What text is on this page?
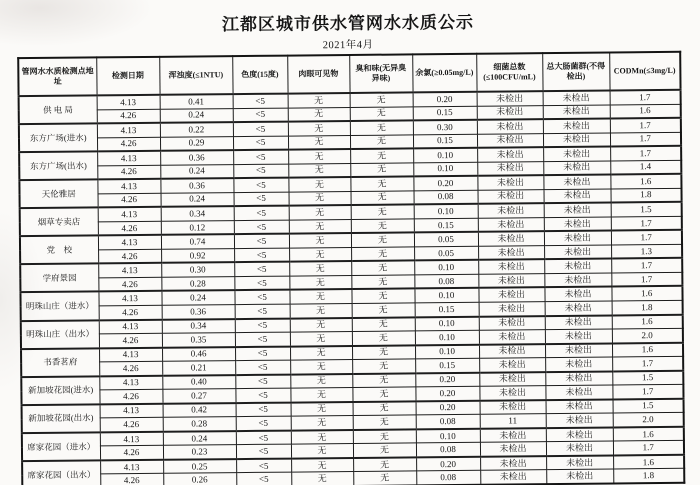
江都区城市供水管网水水质公示
2021年4月
管网水水质检测点地址	检测日期	浑浊度(≤1NTU)	色度(15度)	肉眼可见物	臭和味(无异臭异味)	余氯(≥0.05mg/L)	细菌总数(≤100CFU/mL)	总大肠菌群(不得检出)	CODMn(≤3mg/L)
供 电 局	4.13	0.41	<5	无	无	0.20	未检出	未检出	1.7
	4.26	0.24	<5	无	无	0.15	未检出	未检出	1.6
东方广场(进水)	4.13	0.22	<5	无	无	0.30	未检出	未检出	1.7
	4.26	0.29	<5	无	无	0.15	未检出	未检出	1.7
东方广场(出水)	4.13	0.36	<5	无	无	0.10	未检出	未检出	1.7
	4.26	0.24	<5	无	无	0.10	未检出	未检出	1.4
天伦雅居	4.13	0.36	<5	无	无	0.20	未检出	未检出	1.6
	4.26	0.24	<5	无	无	0.08	未检出	未检出	1.8
烟草专卖店	4.13	0.34	<5	无	无	0.10	未检出	未检出	1.5
	4.26	0.12	<5	无	无	0.15	未检出	未检出	1.7
党　校	4.13	0.74	<5	无	无	0.05	未检出	未检出	1.7
	4.26	0.92	<5	无	无	0.05	未检出	未检出	1.3
学府景园	4.13	0.30	<5	无	无	0.10	未检出	未检出	1.7
	4.26	0.28	<5	无	无	0.08	未检出	未检出	1.7
明珠山庄（进水）	4.13	0.24	<5	无	无	0.10	未检出	未检出	1.6
	4.26	0.36	<5	无	无	0.15	未检出	未检出	1.8
明珠山庄（出水）	4.13	0.34	<5	无	无	0.10	未检出	未检出	1.6
	4.26	0.35	<5	无	无	0.10	未检出	未检出	2.0
书香茗府	4.13	0.46	<5	无	无	0.10	未检出	未检出	1.6
	4.26	0.21	<5	无	无	0.15	未检出	未检出	1.7
新加坡花园(进水)	4.13	0.40	<5	无	无	0.20	未检出	未检出	1.5
	4.26	0.27	<5	无	无	0.20	未检出	未检出	1.7
新加坡花园(出水)	4.13	0.42	<5	无	无	0.20	未检出	未检出	1.5
	4.26	0.28	<5	无	无	0.08	11	未检出	2.0
席家花园（进水）	4.13	0.24	<5	无	无	0.10	未检出	未检出	1.6
	4.26	0.23	<5	无	无	0.08	未检出	未检出	1.7
席家花园（出水）	4.13	0.25	<5	无	无	0.20	未检出	未检出	1.6
	4.26	0.26	<5	无	无	0.08	未检出	未检出	1.8
